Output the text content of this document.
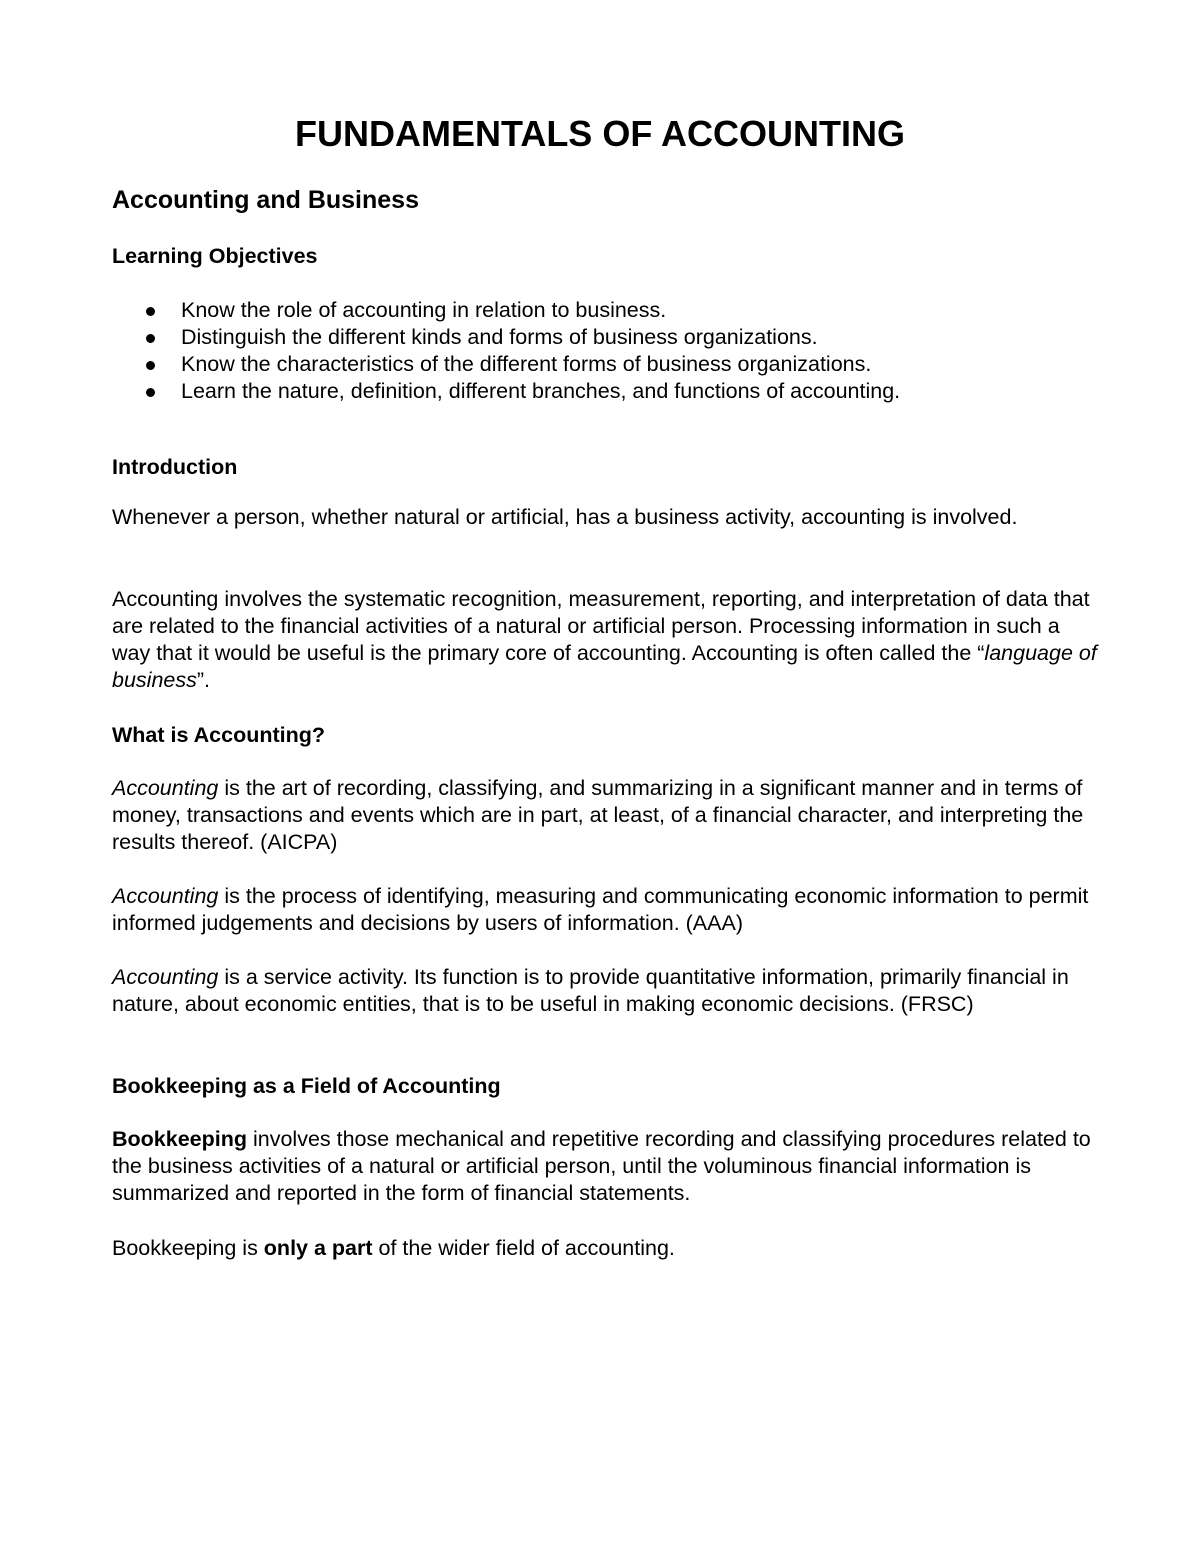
FUNDAMENTALS OF ACCOUNTING
Accounting and Business
Learning Objectives
Know the role of accounting in relation to business.
Distinguish the different kinds and forms of business organizations.
Know the characteristics of the different forms of business organizations.
Learn the nature, definition, different branches, and functions of accounting.
Introduction

Whenever a person, whether natural or artificial, has a business activity, accounting is involved.

Accounting involves the systematic recognition, measurement, reporting, and interpretation of data that are related to the financial activities of a natural or artificial person. Processing information in such a way that it would be useful is the primary core of accounting. Accounting is often called the “language of business”.

What is Accounting?

Accounting is the art of recording, classifying, and summarizing in a significant manner and in terms of money, transactions and events which are in part, at least, of a financial character, and interpreting the results thereof. (AICPA)

Accounting is the process of identifying, measuring and communicating economic information to permit informed judgements and decisions by users of information. (AAA)

Accounting is a service activity. Its function is to provide quantitative information, primarily financial in nature, about economic entities, that is to be useful in making economic decisions. (FRSC)

Bookkeeping as a Field of Accounting

Bookkeeping involves those mechanical and repetitive recording and classifying procedures related to the business activities of a natural or artificial person, until the voluminous financial information is summarized and reported in the form of financial statements.

Bookkeeping is only a part of the wider field of accounting.
